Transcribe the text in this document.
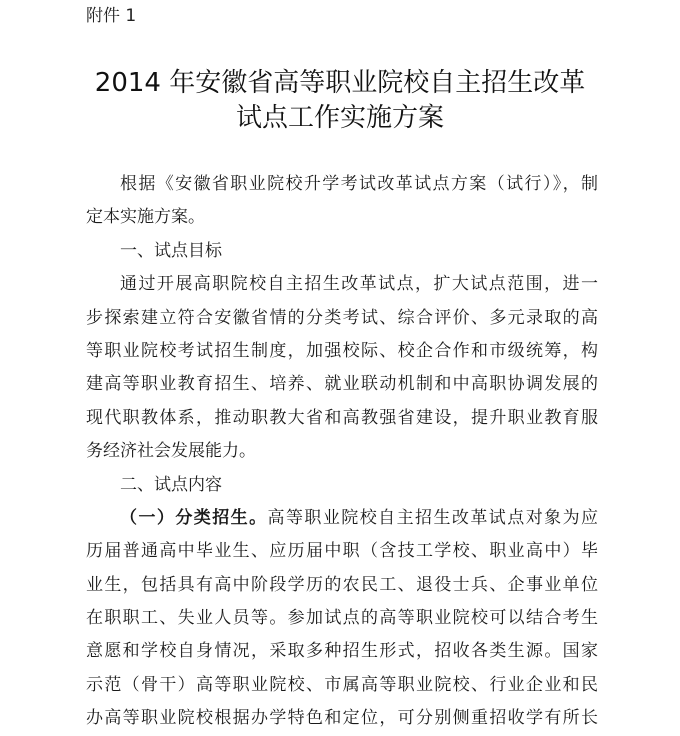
附件 1
2014 年安徽省高等职业院校自主招生改革
试点工作实施方案
根据《安徽省职业院校升学考试改革试点方案（试行）》，制
定本实施方案。
一、试点目标
通过开展高职院校自主招生改革试点，扩大试点范围，进一
步探索建立符合安徽省情的分类考试、综合评价、多元录取的高
等职业院校考试招生制度，加强校际、校企合作和市级统筹，构
建高等职业教育招生、培养、就业联动机制和中高职协调发展的
现代职教体系，推动职教大省和高教强省建设，提升职业教育服
务经济社会发展能力。
二、试点内容
（一）分类招生。高等职业院校自主招生改革试点对象为应
历届普通高中毕业生、应历届中职（含技工学校、职业高中）毕
业生，包括具有高中阶段学历的农民工、退役士兵、企事业单位
在职职工、失业人员等。参加试点的高等职业院校可以结合考生
意愿和学校自身情况，采取多种招生形式，招收各类生源。国家
示范（骨干）高等职业院校、市属高等职业院校、行业企业和民
办高等职业院校根据办学特色和定位，可分别侧重招收学有所长
